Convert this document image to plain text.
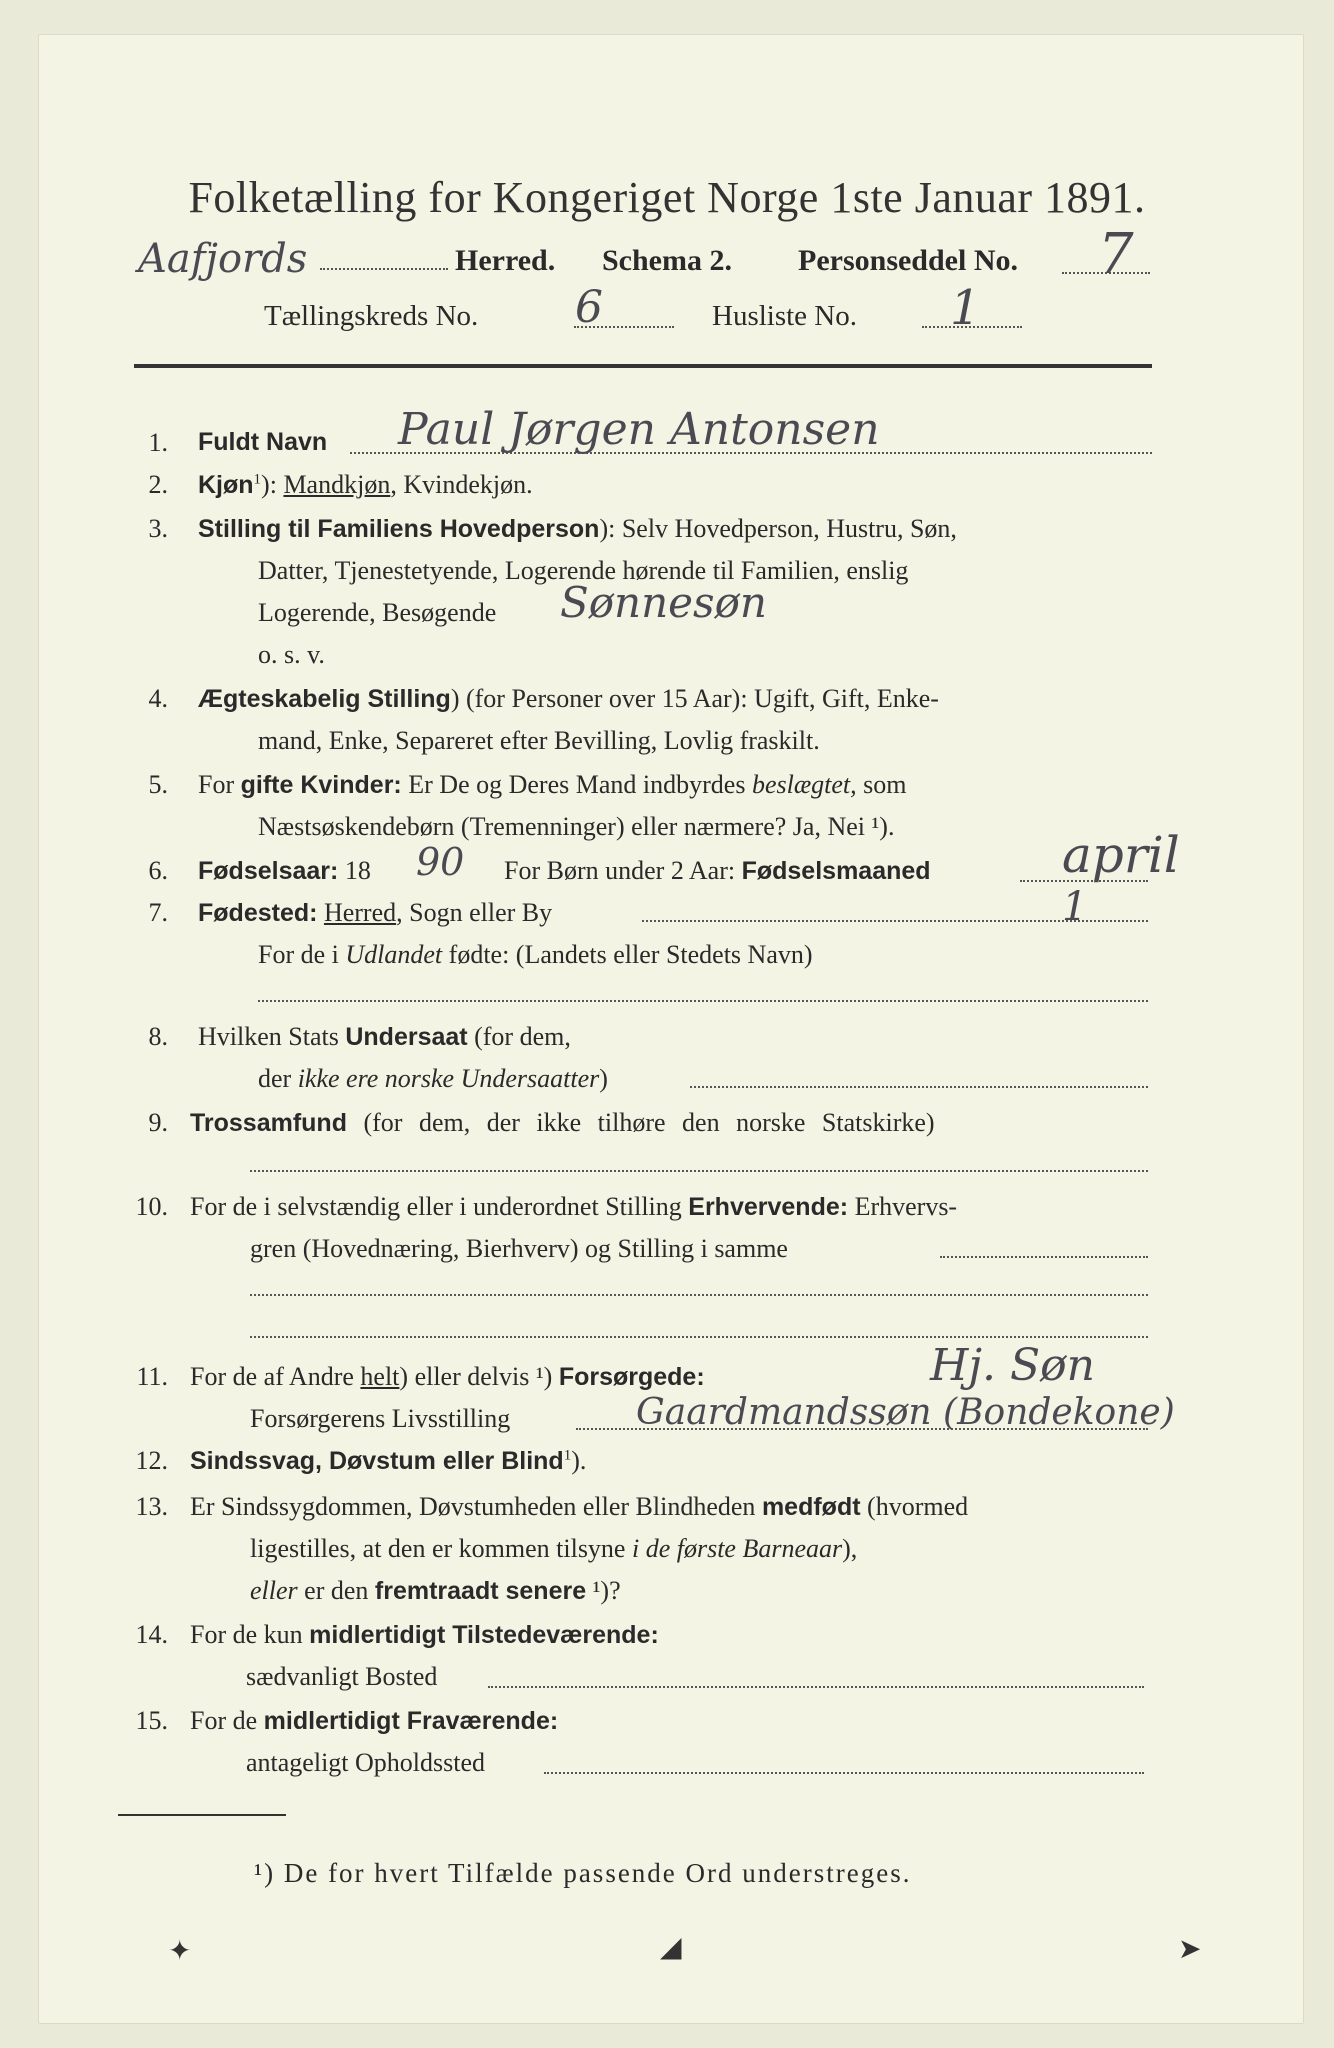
Folketælling for Kongeriget Norge 1ste Januar 1891.
Aafjords	Herred. Schema 2. Personseddel No. 7
Tællingskreds No. 6	Husliste No. 1
1. Fuldt Navn Paul Jørgen Antonsen
2. Kjøn$^1$): Mandkjøn, Kvindekjøn.
3. Stilling til Familiens Hovedperson): Selv Hovedperson, Hustru, Søn,
Datter, Tjenestetyende, Logerende hørende til Familien, enslig
Logerende, Besøgende Sønnesøn
o. s. v.
4. Ægteskabelig Stilling) (for Personer over 15 Aar): Ugift, Gift, Enke-
mand, Enke, Separeret efter Bevilling, Lovlig fraskilt.
5. For gifte Kvinder: Er De og Deres Mand indbyrdes beslægtet, som
Næstsøskendebørn (Tremenninger) eller nærmere? Ja, Nei ¹).
6. Fødselsaar: 18 90 For Børn under 2 Aar: Fødselsmaaned	april
7. Fødested: Herred, Sogn eller By	1
For de i Udlandet fødte: (Landets eller Stedets Navn)
8. Hvilken Stats Undersaat (for dem,
der ikke ere norske Undersaatter)
9. Trossamfund (for dem, der ikke tilhøre den norske Statskirke)
10. For de i selvstændig eller i underordnet Stilling Erhvervende: Erhvervs-
gren (Hovednæring, Bierhverv) og Stilling i samme
11. For de af Andre helt) eller delvis ¹) Forsørgede:	Hj. Søn
Forsørgerens Livsstilling	Gaardmandssøn (Bondekone)
12. Sindssvag, Døvstum eller Blind$^1$).
13. Er Sindssygdommen, Døvstumheden eller Blindheden medfødt (hvormed
ligestilles, at den er kommen tilsyne i de første Barneaar),
eller er den fremtraadt senere ¹)?
14. For de kun midlertidigt Tilstedeværende:
sædvanligt Bosted
15. For de midlertidigt Fraværende:
antageligt Opholdssted
¹) De for hvert Tilfælde passende Ord understreges.
✦	◢	➤
